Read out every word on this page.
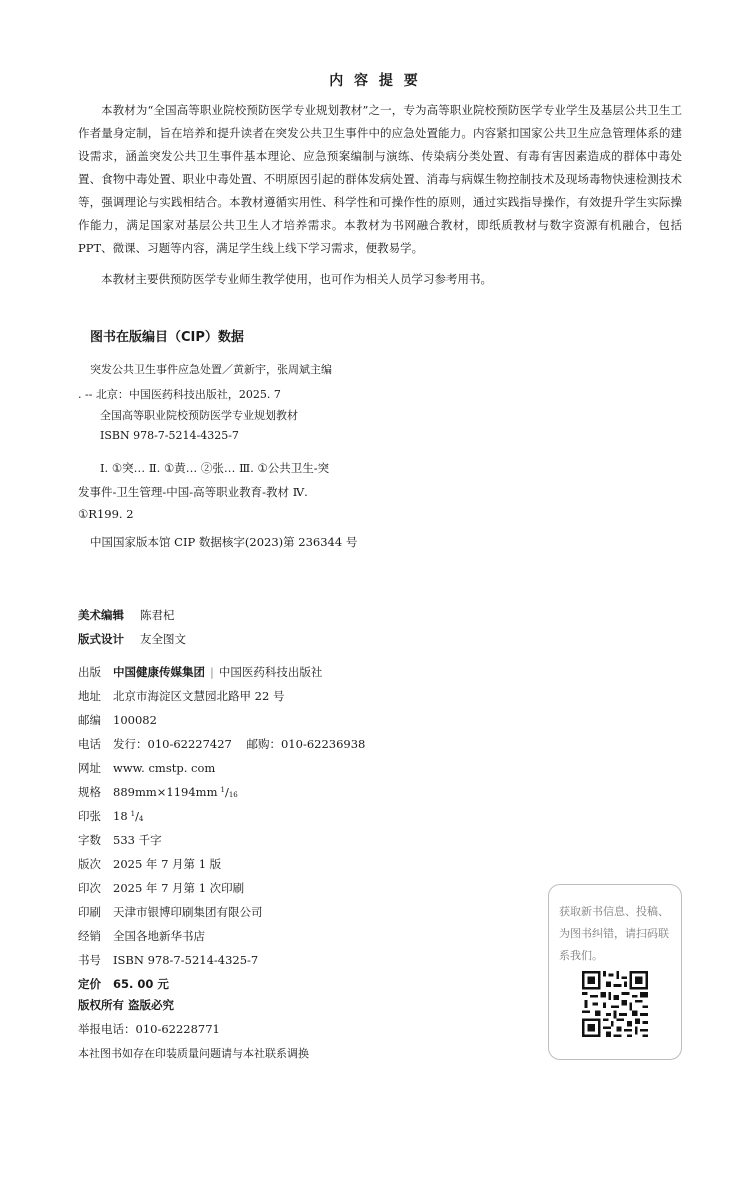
内 容 提 要
本教材为“全国高等职业院校预防医学专业规划教材”之一，专为高等职业院校预防医学专业学生及基层公共卫生工作者量身定制，旨在培养和提升读者在突发公共卫生事件中的应急处置能力。内容紧扣国家公共卫生应急管理体系的建设需求，涵盖突发公共卫生事件基本理论、应急预案编制与演练、传染病分类处置、有毒有害因素造成的群体中毒处置、食物中毒处置、职业中毒处置、不明原因引起的群体发病处置、消毒与病媒生物控制技术及现场毒物快速检测技术等，强调理论与实践相结合。本教材遵循实用性、科学性和可操作性的原则，通过实践指导操作，有效提升学生实际操作能力，满足国家对基层公共卫生人才培养需求。本教材为书网融合教材，即纸质教材与数字资源有机融合，包括PPT、微课、习题等内容，满足学生线上线下学习需求，便教易学。
本教材主要供预防医学专业师生教学使用，也可作为相关人员学习参考用书。
图书在版编目（CIP）数据
突发公共卫生事件应急处置／黄新宇，张周斌主编
. -- 北京：中国医药科技出版社，2025. 7
全国高等职业院校预防医学专业规划教材
ISBN 978-7-5214-4325-7
Ⅰ. ①突… Ⅱ. ①黄… ②张… Ⅲ. ①公共卫生-突
发事件-卫生管理-中国-高等职业教育-教材 Ⅳ.
①R199. 2
中国国家版本馆 CIP 数据核字(2023)第 236344 号
美术编辑 陈君杞
版式设计 友全图文
出版 中国健康传媒集团 | 中国医药科技出版社
地址 北京市海淀区文慧园北路甲 22 号
邮编 100082
电话 发行：010-62227427    邮购：010-62236938
网址 www. cmstp. com
规格 889mm×1194mm $^1/_{16}$
印张 18 $^1/_4$
字数 533 千字
版次 2025 年 7 月第 1 版
印次 2025 年 7 月第 1 次印刷
印刷 天津市银博印刷集团有限公司
经销 全国各地新华书店
书号 ISBN 978-7-5214-4325-7
定价 65. 00 元
版权所有 盗版必究
举报电话：010-62228771
本社图书如存在印装质量问题请与本社联系调换
获取新书信息、投稿、为图书纠错，请扫码联系我们。
